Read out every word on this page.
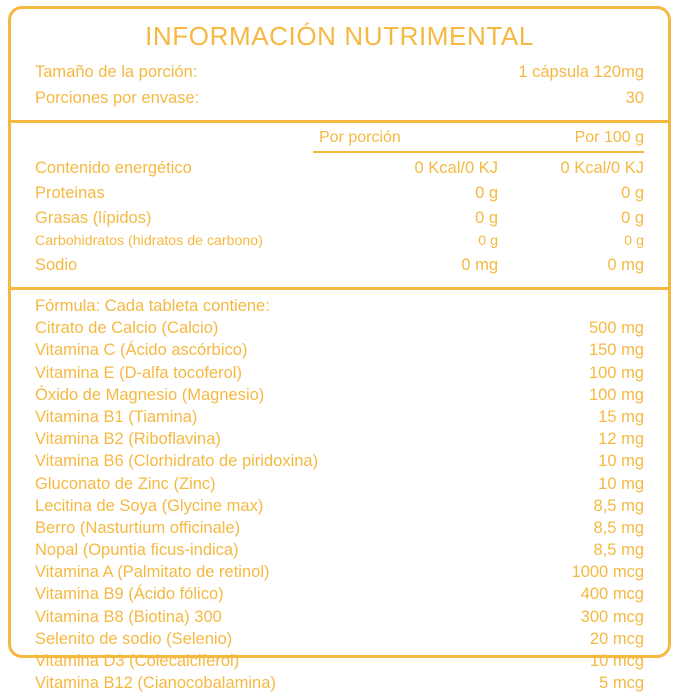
INFORMACIÓN NUTRIMENTAL
Tamaño de la porción:	1 cápsula 120mg
Porciones por envase:	30
Por porción	Por 100 g
Contenido energético	0 Kcal/0 KJ	0 Kcal/0 KJ
Proteinas	0 g	0 g
Grasas (lípidos)	0 g	0 g
Carbohidratos (hidratos de carbono)	0 g	0 g
Sodio	0 mg	0 mg
Fórmula: Cada tableta contiene:
Citrato de Calcio (Calcio)	500 mg
Vitamina C (Ácido ascórbico)	150 mg
Vitamina E (D-alfa tocoferol)	100 mg
Óxido de Magnesio (Magnesio)	100 mg
Vitamina B1 (Tiamina)	15 mg
Vitamina B2 (Riboflavina)	12 mg
Vitamina B6 (Clorhidrato de piridoxina)	10 mg
Gluconato de Zinc (Zinc)	10 mg
Lecitina de Soya (Glycine max)	8,5 mg
Berro (Nasturtium officinale)	8,5 mg
Nopal (Opuntia ficus-indica)	8,5 mg
Vitamina A (Palmitato de retinol)	1000 mcg
Vitamina B9 (Ácido fólico)	400 mcg
Vitamina B8 (Biotina) 300	300 mcg
Selenito de sodio (Selenio)	20 mcg
Vitamina D3 (Colecalciferol)	10 mcg
Vitamina B12 (Cianocobalamina)	5 mcg
